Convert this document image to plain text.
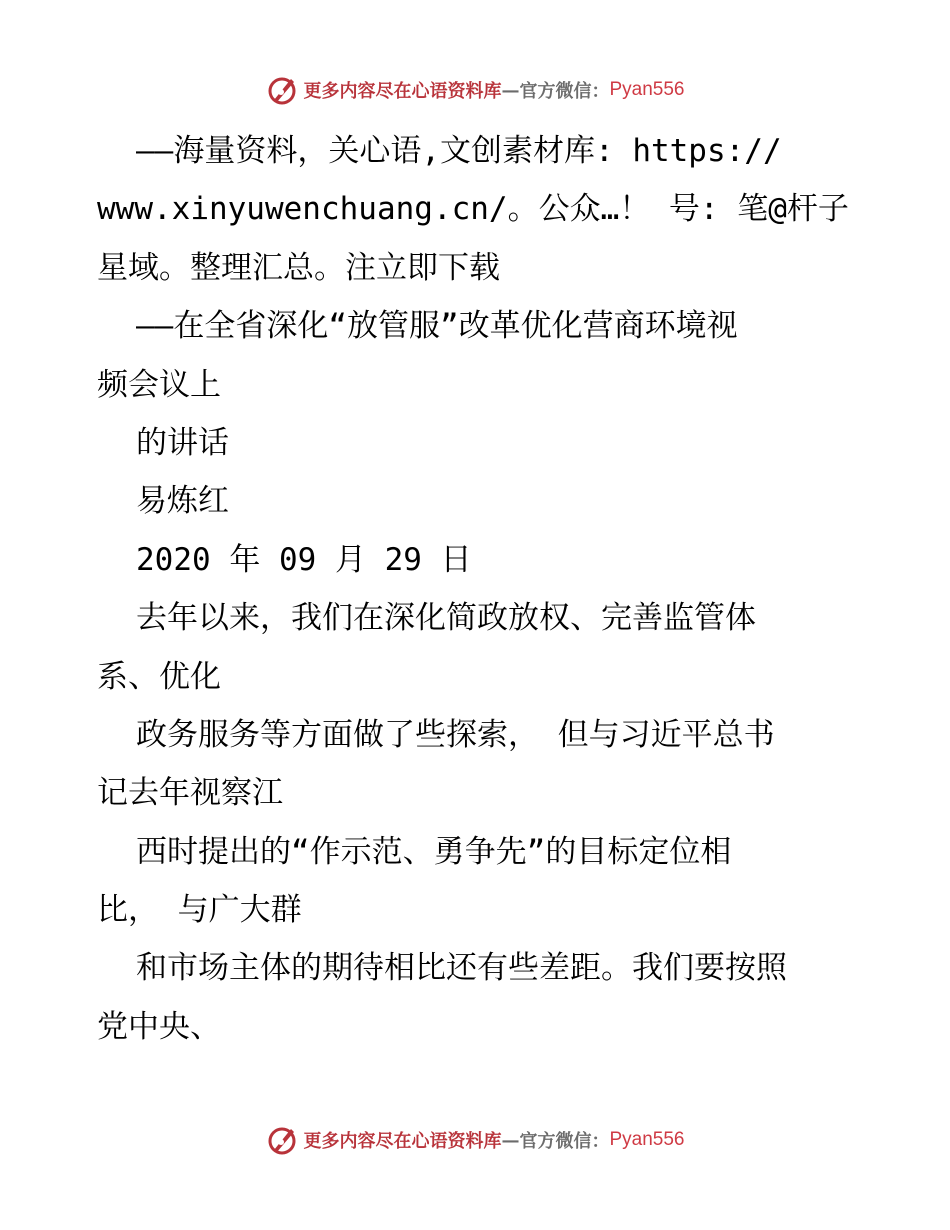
更多内容尽在心语资料库 — 官方微信： Pyan556
——海量资料，关心语,文创素材库: https://
www.xinyuwenchuang.cn/。公众…！ 号: 笔@杆子
星域。整理汇总。注立即下载
——在全省深化“放管服”改革优化营商环境视
频会议上
的讲话
易炼红
2020 年 09 月 29 日
去年以来，我们在深化简政放权、完善监管体
系、优化
政务服务等方面做了些探索， 但与习近平总书
记去年视察江
西时提出的“作示范、勇争先”的目标定位相
比， 与广大群
和市场主体的期待相比还有些差距。我们要按照
党中央、
更多内容尽在心语资料库 — 官方微信： Pyan556
